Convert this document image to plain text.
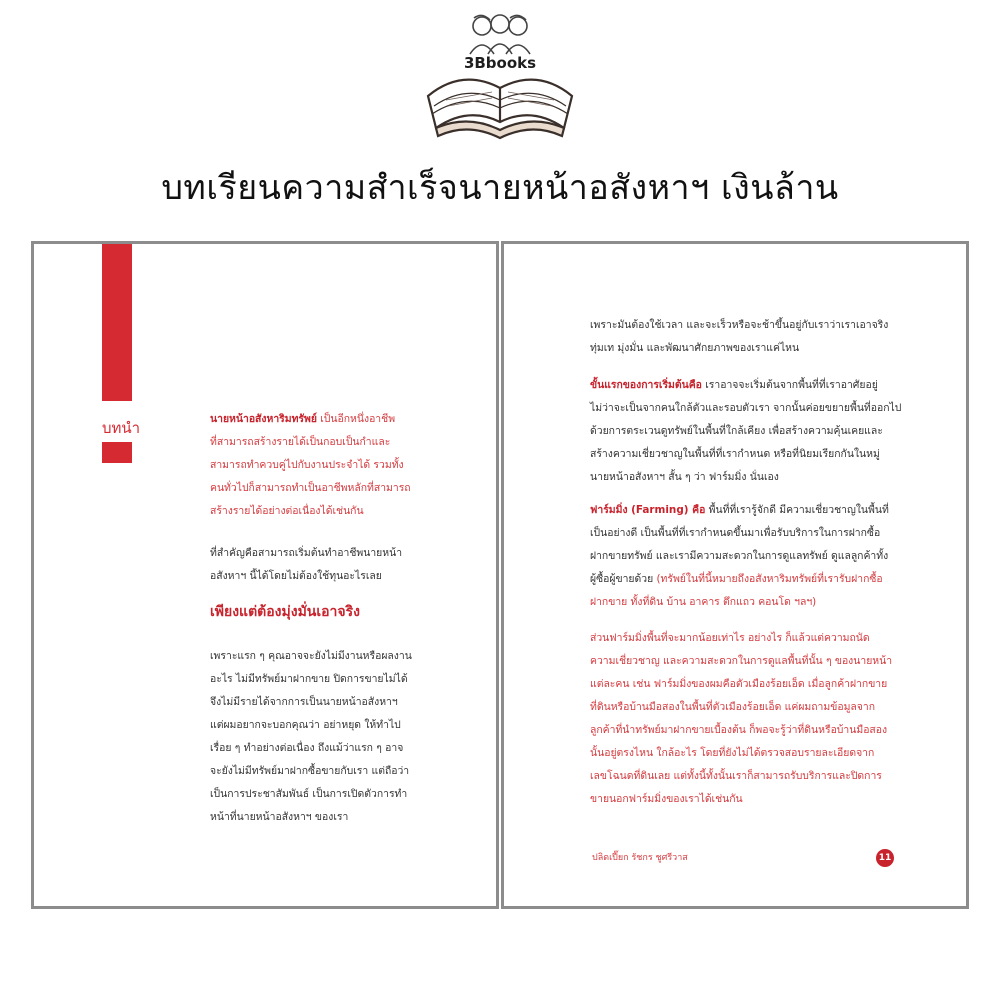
3Bbooks
บทเรียนความสำเร็จนายหน้าอสังหาฯ เงินล้าน
บทนำ	นายหน้าอสังหาริมทรัพย์ เป็นอีกหนึ่งอาชีพ
ที่สามารถสร้างรายได้เป็นกอบเป็นกำและ
สามารถทำควบคู่ไปกับงานประจำได้ รวมทั้ง
คนทั่วไปก็สามารถทำเป็นอาชีพหลักที่สามารถ
สร้างรายได้อย่างต่อเนื่องได้เช่นกัน
ที่สำคัญคือสามารถเริ่มต้นทำอาชีพนายหน้า
อสังหาฯ นี้ได้โดยไม่ต้องใช้ทุนอะไรเลย
เพียงแต่ต้องมุ่งมั่นเอาจริง
เพราะแรก ๆ คุณอาจจะยังไม่มีงานหรือผลงาน
อะไร ไม่มีทรัพย์มาฝากขาย ปิดการขายไม่ได้
จึงไม่มีรายได้จากการเป็นนายหน้าอสังหาฯ
แต่ผมอยากจะบอกคุณว่า อย่าหยุด ให้ทำไป
เรื่อย ๆ ทำอย่างต่อเนื่อง ถึงแม้ว่าแรก ๆ อาจ
จะยังไม่มีทรัพย์มาฝากซื้อขายกับเรา แต่ถือว่า
เป็นการประชาสัมพันธ์ เป็นการเปิดตัวการทำ
หน้าที่นายหน้าอสังหาฯ ของเรา
เพราะมันต้องใช้เวลา และจะเร็วหรือจะช้าขึ้นอยู่กับเราว่าเราเอาจริง
ทุ่มเท มุ่งมั่น และพัฒนาศักยภาพของเราแค่ไหน
ขั้นแรกของการเริ่มต้นคือ เราอาจจะเริ่มต้นจากพื้นที่ที่เราอาศัยอยู่
ไม่ว่าจะเป็นจากคนใกล้ตัวและรอบตัวเรา จากนั้นค่อยขยายพื้นที่ออกไป
ด้วยการตระเวนดูทรัพย์ในพื้นที่ใกล้เคียง เพื่อสร้างความคุ้นเคยและ
สร้างความเชี่ยวชาญในพื้นที่ที่เรากำหนด หรือที่นิยมเรียกกันในหมู่
นายหน้าอสังหาฯ สั้น ๆ ว่า ฟาร์มมิ่ง นั่นเอง
ฟาร์มมิ่ง (Farming) คือ พื้นที่ที่เรารู้จักดี มีความเชี่ยวชาญในพื้นที่
เป็นอย่างดี เป็นพื้นที่ที่เรากำหนดขึ้นมาเพื่อรับบริการในการฝากซื้อ
ฝากขายทรัพย์ และเรามีความสะดวกในการดูแลทรัพย์ ดูแลลูกค้าทั้ง
ผู้ซื้อผู้ขายด้วย (ทรัพย์ในที่นี้หมายถึงอสังหาริมทรัพย์ที่เรารับฝากซื้อ
ฝากขาย ทั้งที่ดิน บ้าน อาคาร ตึกแถว คอนโด ฯลฯ)
ส่วนฟาร์มมิ่งพื้นที่จะมากน้อยเท่าไร อย่างไร ก็แล้วแต่ความถนัด
ความเชี่ยวชาญ และความสะดวกในการดูแลพื้นที่นั้น ๆ ของนายหน้า
แต่ละคน เช่น ฟาร์มมิ่งของผมคือตัวเมืองร้อยเอ็ด เมื่อลูกค้าฝากขาย
ที่ดินหรือบ้านมือสองในพื้นที่ตัวเมืองร้อยเอ็ด แค่ผมถามข้อมูลจาก
ลูกค้าที่นำทรัพย์มาฝากขายเบื้องต้น ก็พอจะรู้ว่าที่ดินหรือบ้านมือสอง
นั้นอยู่ตรงไหน ใกล้อะไร โดยที่ยังไม่ได้ตรวจสอบรายละเอียดจาก
เลขโฉนดที่ดินเลย แต่ทั้งนี้ทั้งนั้นเราก็สามารถรับบริการและปิดการ
ขายนอกฟาร์มมิ่งของเราได้เช่นกัน
ปลิดเปี๊ยก รัชกร ชูศรีวาส	11
